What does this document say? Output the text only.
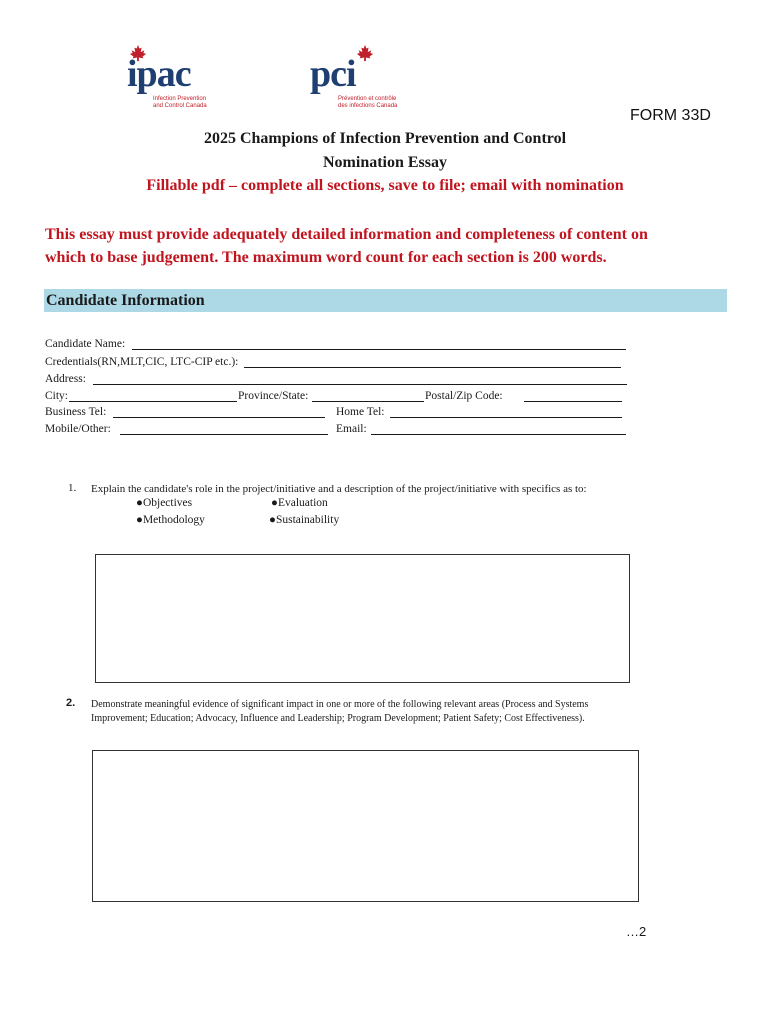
ipac
Infection Prevention
and Control Canada
pci
Prévention et contrôle
des infections Canada
FORM 33D
2025 Champions of Infection Prevention and Control
Nomination Essay
Fillable pdf – complete all sections, save to file; email with nomination
This essay must provide adequately detailed information and completeness of content on
which to base judgement. The maximum word count for each section is 200 words.
Candidate Information
Candidate Name:
Credentials(RN,MLT,CIC, LTC-CIP etc.):
Address:
City:	Province/State:	Postal/Zip Code:
Business Tel:	Home Tel:
Mobile/Other:	Email:
1. Explain the candidate's role in the project/initiative and a description of the project/initiative with specifics as to:
●Objectives	●Evaluation
●Methodology	●Sustainability
2. Demonstrate meaningful evidence of significant impact in one or more of the following relevant areas (Process and Systems
Improvement; Education; Advocacy, Influence and Leadership; Program Development; Patient Safety; Cost Effectiveness).
…2
